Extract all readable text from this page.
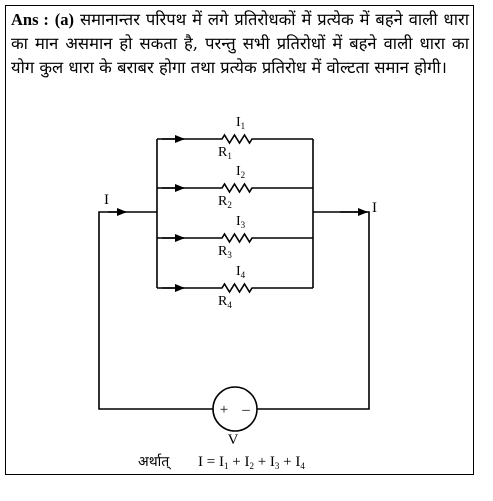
Ans : (a) समानान्तर परिपथ में लगे प्रतिरोधकों में प्रत्येक में बहने वाली धारा का मान असमान हो सकता है, परन्तु सभी प्रतिरोधों में बहने वाली धारा का योग कुल धारा के बराबर होगा तथा प्रत्येक प्रतिरोध में वोल्टता समान होगी।
$I_1$
$R_1$
$I_2$
$R_2$
$I_3$
$R_3$
$I_4$
$R_4$
+ –
V
I	I
अर्थात् $I = I_1 + I_2 + I_3 + I_4$
